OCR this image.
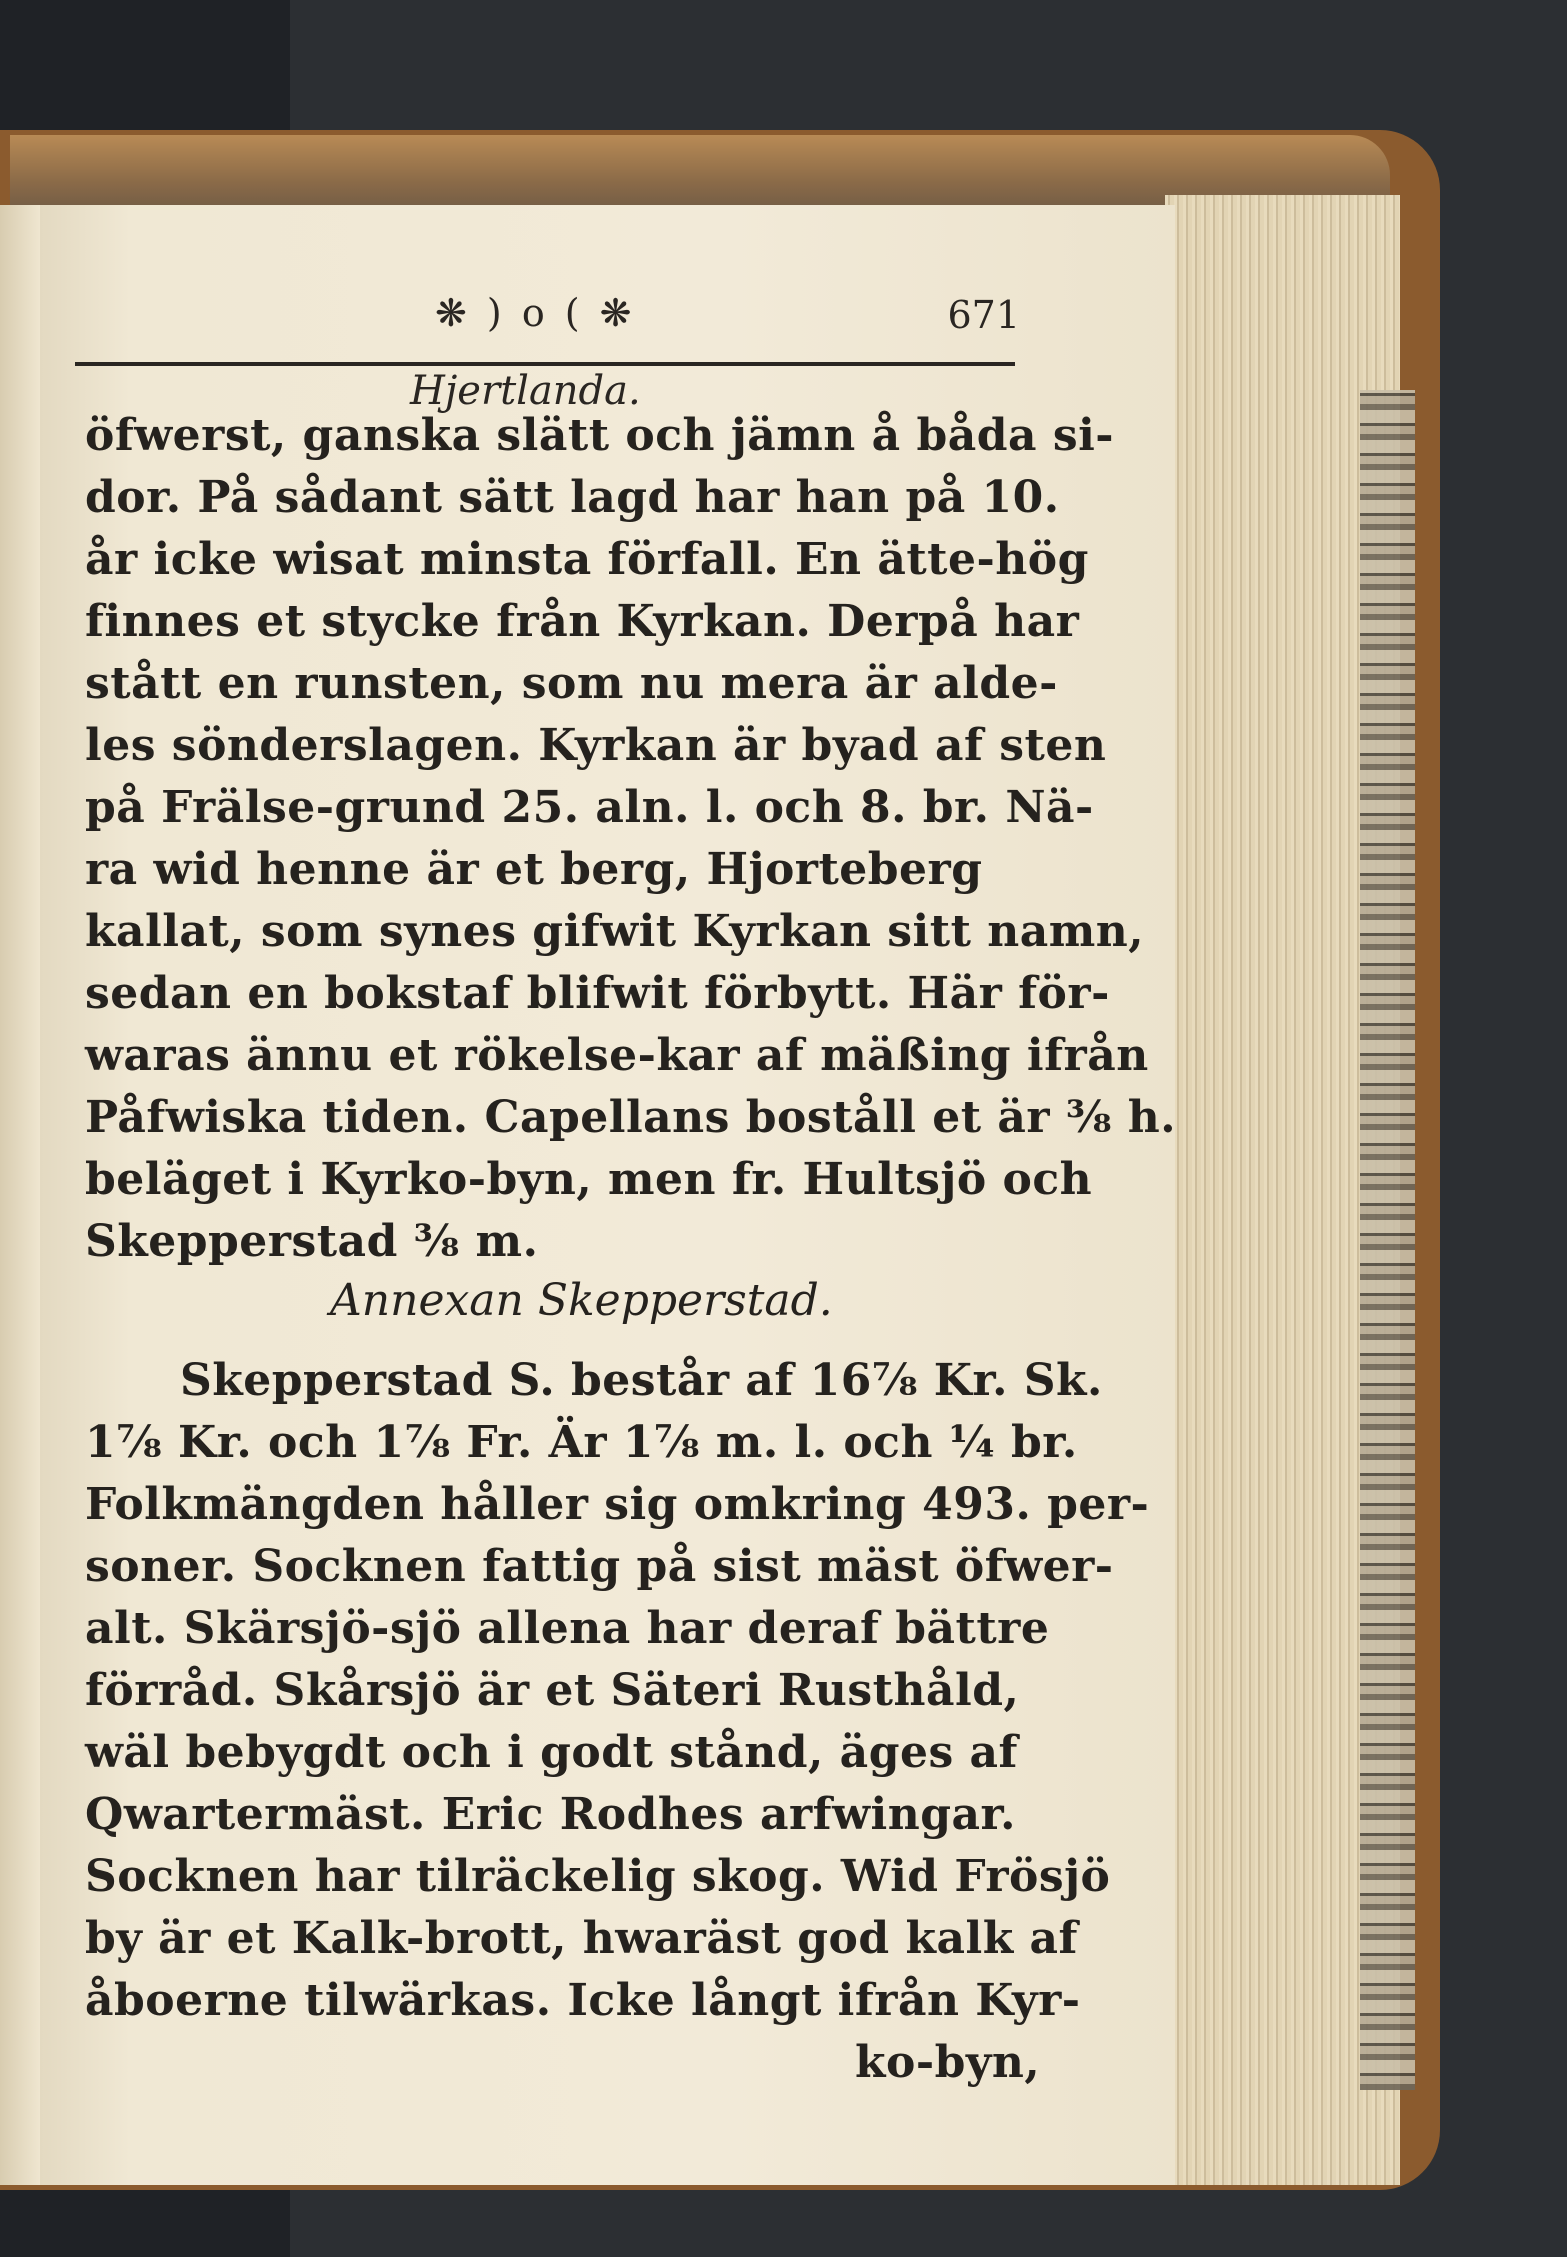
❋ ) o ( ❋	671
Hjertlanda.
öfwerst, ganska slätt och jämn å båda si-
dor. På sådant sätt lagd har han på 10.
år icke wisat minsta förfall. En ätte-hög
finnes et stycke från Kyrkan. Derpå har
stått en runsten, som nu mera är alde-
les sönderslagen. Kyrkan är byad af sten
på Frälse-grund 25. aln. l. och 8. br. Nä-
ra wid henne är et berg, Hjorteberg
kallat, som synes gifwit Kyrkan sitt namn,
sedan en bokstaf blifwit förbytt. Här för-
waras ännu et rökelse-kar af mäßing ifrån
Påfwiska tiden. Capellans boståll et är ⅜ h.
beläget i Kyrko-byn, men fr. Hultsjö och
Skepperstad ⅜ m.
Annexan Skepperstad.
Skepperstad S. består af 16⅞ Kr. Sk.
1⅞ Kr. och 1⅞ Fr. Är 1⅞ m. l. och ¼ br.
Folkmängden håller sig omkring 493. per-
soner. Socknen fattig på sist mäst öfwer-
alt. Skärsjö-sjö allena har deraf bättre
förråd. Skårsjö är et Säteri Rusthåld,
wäl bebygdt och i godt stånd, äges af
Qwartermäst. Eric Rodhes arfwingar.
Socknen har tilräckelig skog. Wid Frösjö
by är et Kalk-brott, hwaräst god kalk af
åboerne tilwärkas. Icke långt ifrån Kyr-
ko-byn,
